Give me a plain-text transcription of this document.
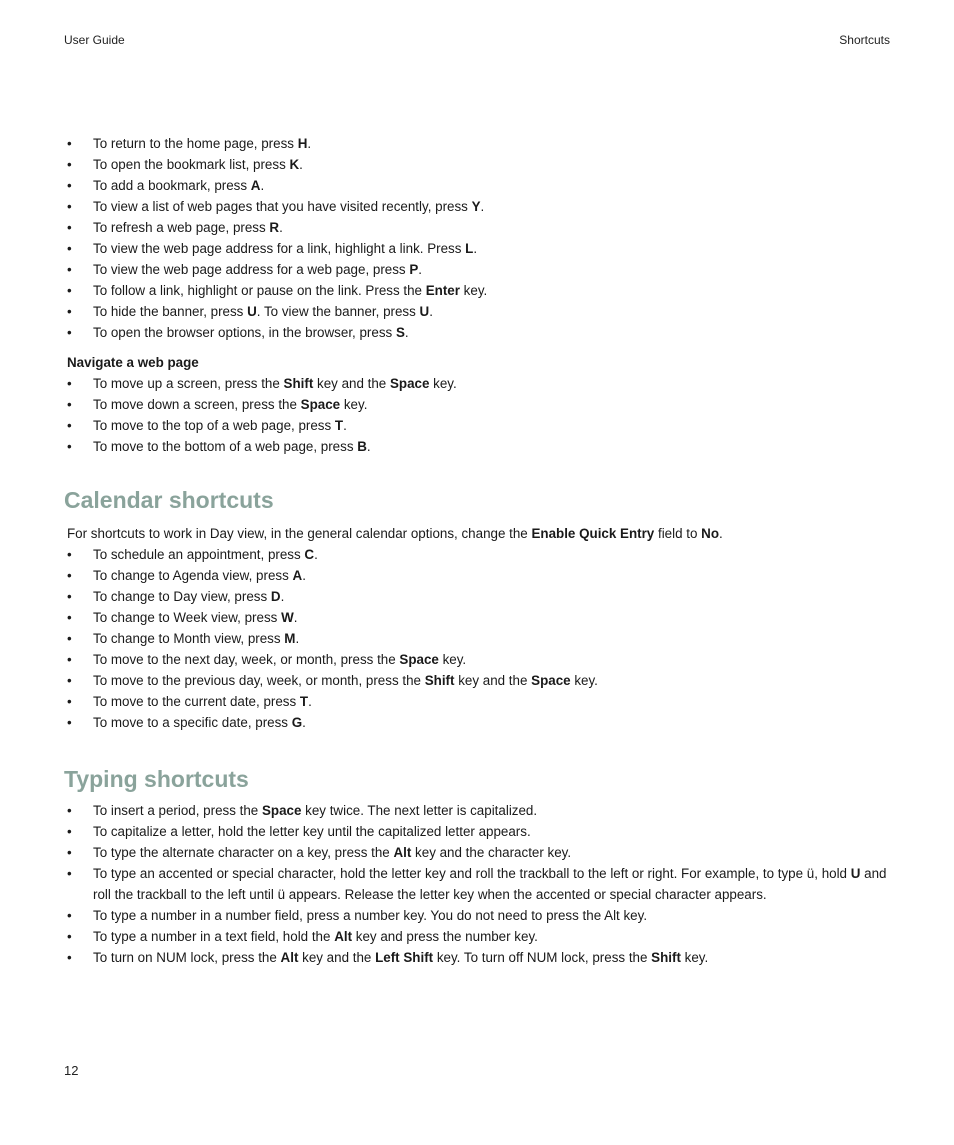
User Guide	Shortcuts
• To return to the home page, press H.
• To open the bookmark list, press K.
• To add a bookmark, press A.
• To view a list of web pages that you have visited recently, press Y.
• To refresh a web page, press R.
• To view the web page address for a link, highlight a link. Press L.
• To view the web page address for a web page, press P.
• To follow a link, highlight or pause on the link. Press the Enter key.
• To hide the banner, press U. To view the banner, press U.
• To open the browser options, in the browser, press S.
Navigate a web page
• To move up a screen, press the Shift key and the Space key.
• To move down a screen, press the Space key.
• To move to the top of a web page, press T.
• To move to the bottom of a web page, press B.
Calendar shortcuts

For shortcuts to work in Day view, in the general calendar options, change the Enable Quick Entry field to No.

• To schedule an appointment, press C.
• To change to Agenda view, press A.
• To change to Day view, press D.
• To change to Week view, press W.
• To change to Month view, press M.
• To move to the next day, week, or month, press the Space key.
• To move to the previous day, week, or month, press the Shift key and the Space key.
• To move to the current date, press T.
• To move to a specific date, press G.
Typing shortcuts
• To insert a period, press the Space key twice. The next letter is capitalized.
• To capitalize a letter, hold the letter key until the capitalized letter appears.
• To type the alternate character on a key, press the Alt key and the character key.
• To type an accented or special character, hold the letter key and roll the trackball to the left or right. For example, to type ü, hold U and roll the trackball to the left until ü appears. Release the letter key when the accented or special character appears.
• To type a number in a number field, press a number key. You do not need to press the Alt key.
• To type a number in a text field, hold the Alt key and press the number key.
• To turn on NUM lock, press the Alt key and the Left Shift key. To turn off NUM lock, press the Shift key.
12
